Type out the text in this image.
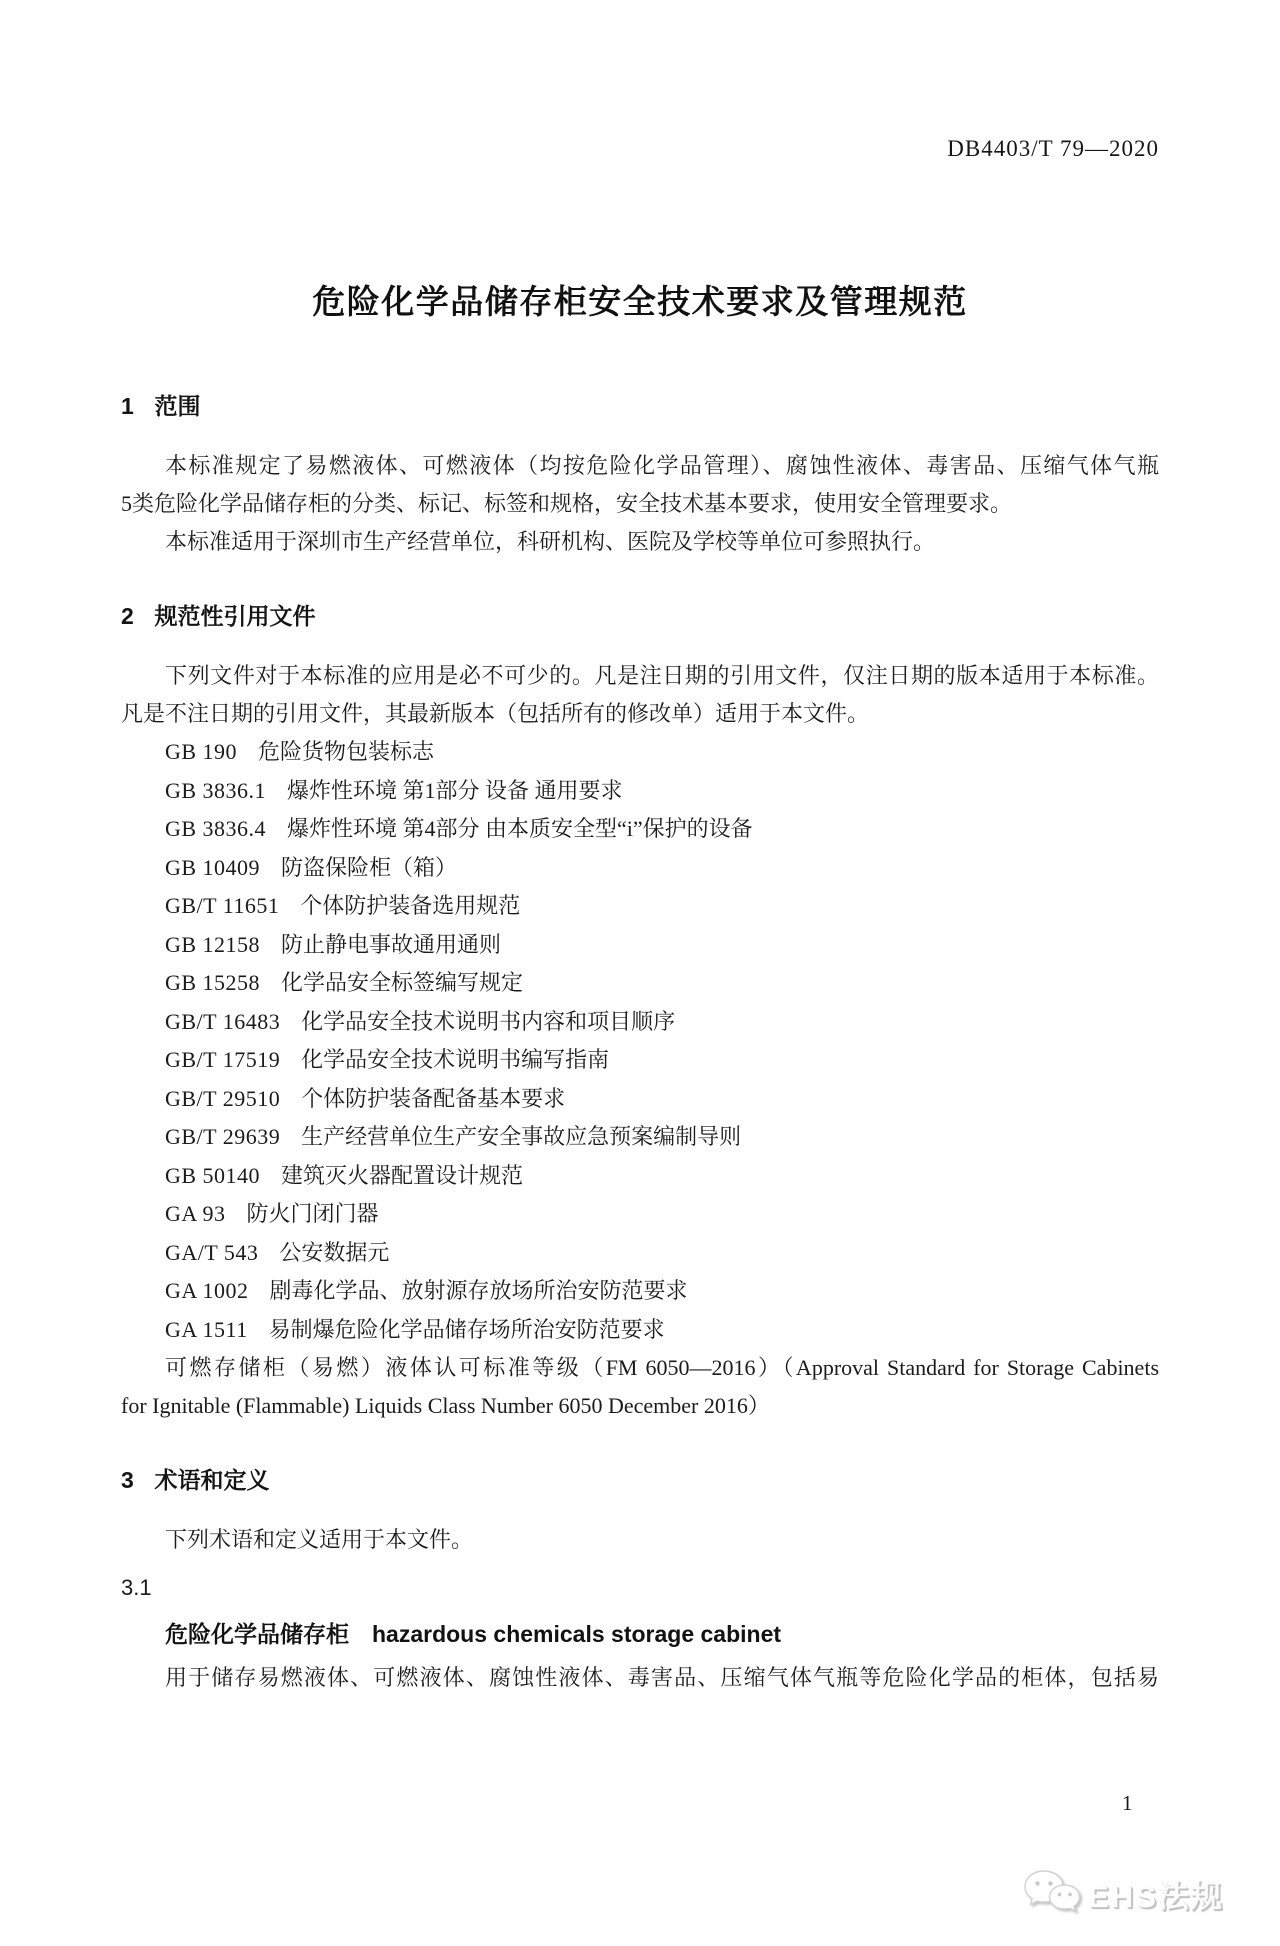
DB4403/T 79—2020
危险化学品储存柜安全技术要求及管理规范
1 范围
本标准规定了易燃液体、可燃液体（均按危险化学品管理）、腐蚀性液体、毒害品、压缩气体气瓶
5类危险化学品储存柜的分类、标记、标签和规格，安全技术基本要求，使用安全管理要求。
本标准适用于深圳市生产经营单位，科研机构、医院及学校等单位可参照执行。
2 规范性引用文件
下列文件对于本标准的应用是必不可少的。凡是注日期的引用文件，仅注日期的版本适用于本标准。
凡是不注日期的引用文件，其最新版本（包括所有的修改单）适用于本文件。
GB 190 危险货物包装标志
GB 3836.1 爆炸性环境 第1部分 设备 通用要求
GB 3836.4 爆炸性环境 第4部分 由本质安全型“i”保护的设备
GB 10409 防盗保险柜（箱）
GB/T 11651 个体防护装备选用规范
GB 12158 防止静电事故通用通则
GB 15258 化学品安全标签编写规定
GB/T 16483 化学品安全技术说明书内容和项目顺序
GB/T 17519 化学品安全技术说明书编写指南
GB/T 29510 个体防护装备配备基本要求
GB/T 29639 生产经营单位生产安全事故应急预案编制导则
GB 50140 建筑灭火器配置设计规范
GA 93 防火门闭门器
GA/T 543 公安数据元
GA 1002 剧毒化学品、放射源存放场所治安防范要求
GA 1511 易制爆危险化学品储存场所治安防范要求
可燃存储柜（易燃）液体认可标准等级（FM 6050—2016）（Approval Standard for Storage Cabinets
for Ignitable (Flammable) Liquids Class Number 6050 December 2016）
3 术语和定义
下列术语和定义适用于本文件。
3.1
危险化学品储存柜 hazardous chemicals storage cabinet
用于储存易燃液体、可燃液体、腐蚀性液体、毒害品、压缩气体气瓶等危险化学品的柜体，包括易
1
EHS法规
